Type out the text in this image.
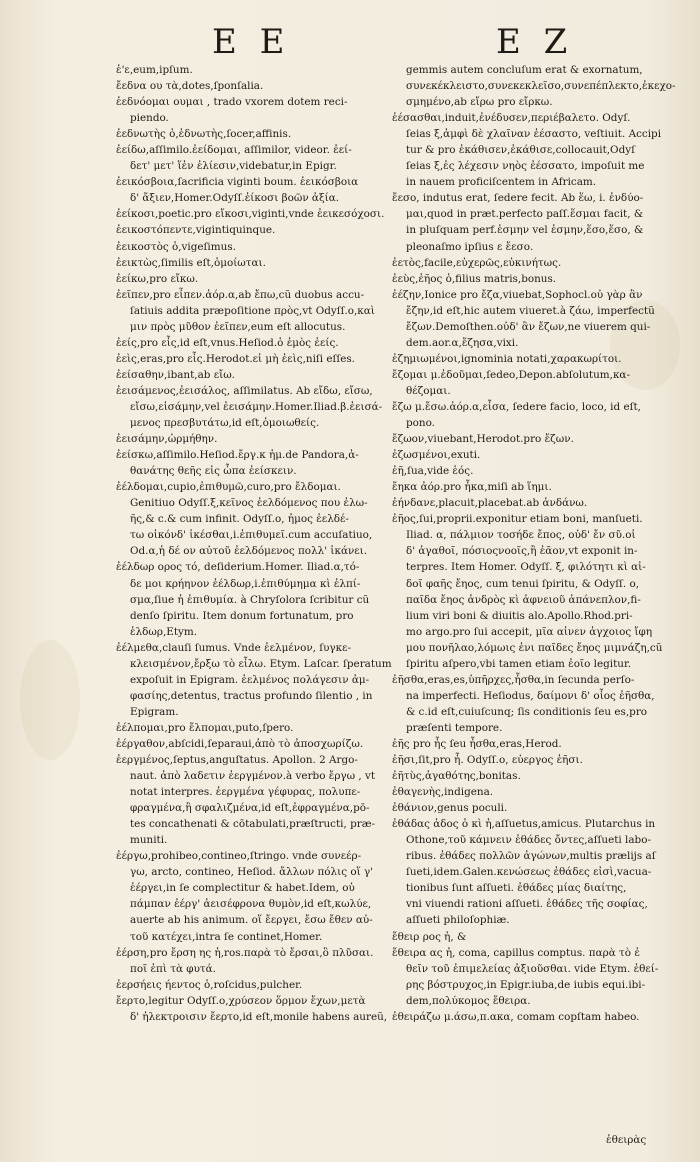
E E	E Z
ἑ'ε,eum,ipſum.
ἔεδνα ου τὰ,dotes,ſponſalia.
ἐεδνόομαι ουμαι , trado vxorem dotem reci-
piendo.
ἐεδνωτὴς ὁ,ἑδνωτὴς,ſocer,affinis.
ἐείδω,aſſimilo.ἐείδομαι, aſſimilor, videor. ἐεί-
δετ' μετ' ἵἐν ἐλίεσιν,videbatur,in Epigr.
ἐεικόσβοια,ſacrificia viginti boum. ἐεικόσβοια
δ' ἄξιεν,Homer.Odyſſ.ἐίκοσι βοῶν ἀξία.
ἐείκοσι,poetic.pro εἴκοσι,viginti,vnde ἐεικεσόχοσι.
ἐεικοστόπεντε,vigintiquinque.
ἐεικοστὸς ὁ,vigeſimus.
ἐεικτὼς,ſimilis eſt,ὁμοίωται.
ἐείκω,pro εἴκω.
ἐεῖπεν,pro εἶπεν.ἀόρ.α,ab ἔπω,cũ duobus accu-
ſatiuis addita præpoſitione πρὸς,vt Odyſſ.ο,καὶ
μιν πρὸς μῦθον ἐεῖπεν,eum eſt allocutus.
ἐείς,pro εἷς,id eſt,vnus.Heſiod.ὁ ἐμὸς ἐείς.
ἐεὶς,eras,pro εἶς.Herodot.εἰ μὴ ἐεὶς,niſi eſſes.
ἐείσαθην,ibant,ab εἴω.
ἐεισάμενος,ἐεισάλος, aſſimilatus. Ab εἴδω, εἴσω,
εἴσω,εἰσάμην,vel ἐεισάμην.Homer.Iliad.β.ἐεισά-
μενος πρεσβυτάτω,id eſt,ὁμοιωθείς.
ἐεισάμην,ὡρμήθην.
ἐείσκω,aſſimilo.Heſiod.ἔργ.κ ἡμ.de Pandora,ἀ-
θανάτης θεῆς εἰς ὦπα ἐείσκειν.
ἐέλδομαι,cupio,ἐπιθυμῶ,curo,pro ἔλδομαι.
Genitiuo Odyſſ.ξ,κεῖνος ἐελδόμενος που ἐλω-
ῆς,& c.& cum infinit. Odyſſ.ο, ἠμος ἐελδέ-
τω οἰκόνδ' ἱκέσθαι,i.ἐπιθυμεῖ.cum accuſatiuo,
Od.α,ἡ δέ ον αὐτοῦ ἐελδόμενος πολλ' ἰκάνει.
ἐέλδωρ ορος τό, deſiderium.Homer. Iliad.α,τό-
δε μοι κρήηνον ἐέλδωρ,i.ἐπιθύμημα κὶ ἐλπί-
σμα,ſiue ἡ ἐπιθυμία. à Chryſolora ſcribitur cũ
denſo ſpiritu. Item donum fortunatum, pro
ἑλδωρ,Etym.
ἐέλμεθα,clauſi ſumus. Vnde ἐελμένον, ſυγκε-
κλεισμένον,ἔρξω τὸ εἶλω. Etym. Laſcar. ſperatum
expoſuit in Epigram. ἐελμένος πολάγεσιν ἀμ-
φασίης,detentus, tractus profundo ſilentio , in
Epigram.
ἐέλπομαι,pro ἔλπομαι,puto,ſpero.
ἐέργαθον,abſcidi,ſeparaui,ἀπὸ τὸ ἀποσχωρίζω.
ἐεργμένος,ſeptus,anguſtatus. Apollon. 2 Argo-
naut. ἀπὸ λαδετιν ἐεργμένον.à verbo ἔργω , vt
notat interpres. ἐεργμένα γέφυρας, πολυπε-
φραγμένα,ἢ σφαλιζμένα,id eſt,ἐφραγμένα,pō-
tes concathenati & cōtabulati,præſtructi, præ-
muniti.
ἐέργω,prohibeo,contineo,ſtringo. vnde συνεέρ-
γω, arcto, contineo, Heſiod. ἄλλων πόλις οἵ γ'
ἐέργει,in ſe complectitur & habet.Idem, οὐ
πάμπαν ἐέργ' ἀεισέφρονα θυμὸν,id eſt,κωλύε,
auerte ab his animum. οἵ ἔεργει, ἔσω ἔθεν αὐ-
τοῦ κατέχει,intra ſe continet,Homer.
ἐέρση,pro ἔρση ης ἡ,ros.παρὰ τὸ ἔρσαι,ὃ πλῦσαι.
ποῖ ἐπὶ τὰ φυτά.
ἐερσήεις ήεντος ὁ,roſcidus,pulcher.
ἔερτο,legitur Odyſſ.ο,χρύσεον ὅρμον ἔχων,μετὰ
δ' ἠλεκτροισιν ἔερτο,id eſt,monile habens aureũ,
gemmis autem concluſum erat & exornatum,
συνεκέκλειστο,συνεκεκλεῖσο,συνεπέπλεκτο,ἐκεχο-
σμημένο,ab εἴρω pro εἴρκω.
ἐέσασθαι,induit,ἐνέδυσεν,περιέβαλετο. Odyſ.
ſeias ξ,ἀμφὶ δὲ χλαῖναν ἐέσαστο, veſtiuit. Accipi
tur & pro ἐκάθισεν,ἐκάθισε,collocauit,Odyſ
ſeias ξ,ἐς λέχεσιν νηὸς ἐέσσατο, impoſuit me
in nauem proficiſcentem in Africam.
ἔεσο, indutus erat, ſedere fecit. Ab ἕω, i. ἐνδύο-
μαι,quod in præt.perfecto paſſ.ἕσμαι facit, &
in pluſquam perf.ἑσμην vel ἑσμην,ἕσο,ἕσο, &
pleonaſmo ipſius ε ἔεσο.
ἐετὸς,facile,εὐχερῶς,εὐκινήτως.
ἐεὺς,ἐῆος ὁ,filius matris,bonus.
ἐέζην,Ionice pro ἔζα,viuebat,Sophocl.οὐ γὰρ ἂν
ἔζην,id eſt,hic autem viueret.à ζάω, imperfectũ
ἔζων.Demoſthen.οὐδ' ἂν ἔζων,ne viuerem qui-
dem.aor.α,ἔζησα,vixi.
ἐζημιωμένοι,ignominia notati,χαρακωρίτοι.
ἔζομαι μ.ἐδοῦμαι,ſedeo,Depon.abſolutum,κα-
θέζομαι.
ἔζω μ.ἔσω.ἀόρ.α,εἶσα, ſedere facio, loco, id eſt,
pono.
ἔζωον,viuebant,Herodot.pro ἔζων.
ἐζωσμένοι,exuti.
ἐῆ,ſua,vide ἑός.
ἔηκα ἀόρ.pro ἧκα,miſi ab ἵημι.
ἐήνδανε,placuit,placebat.ab ἀνδάνω.
ἐῆος,ſui,proprii.exponitur etiam boni, manſueti.
Iliad. α, πάλμιον τοσήδε ἔπος, οὐδ' ἔν σῦ.οἰ
δ' ἀγαθοῖ, πόσιοςνοοῖς,ἢ ἐᾶον,vt exponit in-
terpres. Item Homer. Odyſſ. ξ, φιλότητι κὶ αἰ-
δοῖ φαῆς ἔηος, cum tenui ſpiritu, & Odyſſ. ο,
παῖδα ἔηος ἀνδρὸς κὶ ἀφνειοῦ ἀπάνεπλον,fi-
lium viri boni & diuitis alo.Apollo.Rhod.pri-
mo argo.pro ſui accepit, μῖα αἰνεν ἀγχοιος ἴφη
μου πονῆλαο,λόμωις ἐνι παῖδες ἔηος μιμνάζη,cũ
ſpiritu aſpero,vbi tamen etiam ἐοῖο legitur.
ἐῆσθα,eras,es,ὑπῆρχες,ἦσθα,in ſecunda perſo-
na imperfecti. Heſiodus, δαίμονι δ' οἷος ἐῆσθα,
& c.id eſt,cuiuſcunq; ſis conditionis ſeu es,pro
præſenti tempore.
ἐῆς pro ἧς ſeu ἦσθα,eras,Herod.
ἐῆσι,ſit,pro ἦ. Odyſſ.ο, εὐεργος ἐῆσι.
ἐῆτὺς,ἀγαθότης,bonitas.
ἐθαγενὴς,indigena.
ἐθάνιον,genus poculi.
ἐθάδας ἀδος ὁ κὶ ἡ,aſſuetus,amicus. Plutarchus in
Othone,τοῦ κάμνειν ἐθάδες ὄντες,aſſueti labo-
ribus. ἐθάδες πολλῶν ἀγώνων,multis prælijs aſ
ſueti,idem.Galen.κενώσεως ἐθάδες εἰσὶ,vacua-
tionibus ſunt aſſueti. ἐθάδες μίας διαίτης,
vni viuendi rationi aſſueti. ἐθάδες τῆς σοφίας,
aſſueti philoſophiæ.
ἔθειρ ρος ἡ, &
ἔθειρα ας ἡ, coma, capillus comptus. παρὰ τὸ ἐ
θεῖν τοῦ ἐπιμελείας ἀξιοῦσθαι. vide Etym. ἐθεί-
ρης βόστρυχος,in Epigr.iuba,de iubis equi.ibi-
dem,πολύκομος ἔθειρα.
ἐθειράζω μ.άσω,π.ακα, comam copſtam habeo.
ἐθειρὰς
